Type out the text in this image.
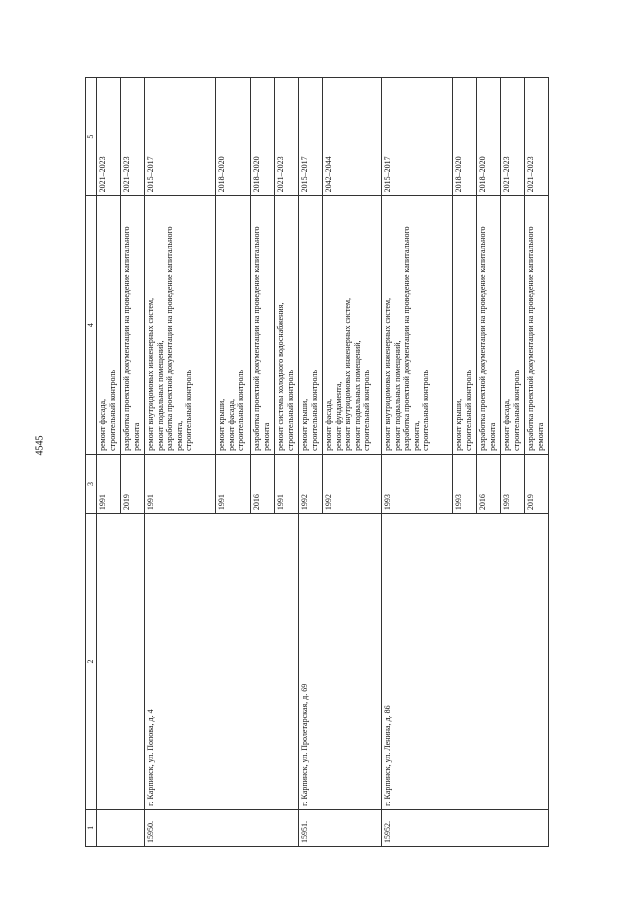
4545
1	2	3	4	5
		1991	ремонт фасада,
строительный контроль	2021–2023
		2019	разработка проектной документации на проведение капитального ремонта	2021–2023
15950.	г. Карпинск, ул. Попова, д. 4	1991	ремонт внутридомовых инженерных систем,
ремонт подвальных помещений,
разработка проектной документации на проведение капитального ремонта,
строительный контроль	2015–2017
		1991	ремонт крыши,
ремонт фасада,
строительный контроль	2018–2020
		2016	разработка проектной документации на проведение капитального ремонта	2018–2020
		1991	ремонт системы холодного водоснабжения,
строительный контроль	2021–2023
15951.	г. Карпинск, ул. Пролетарская, д. 69	1992	ремонт крыши,
строительный контроль	2015–2017
		1992	ремонт фасада,
ремонт фундамента,
ремонт внутридомовых инженерных систем,
ремонт подвальных помещений,
строительный контроль	2042–2044
15952.	г. Карпинск, ул. Ленина, д. 86	1993	ремонт внутридомовых инженерных систем,
ремонт подвальных помещений,
разработка проектной документации на проведение капитального ремонта,
строительный контроль	2015–2017
		1993	ремонт крыши,
строительный контроль	2018–2020
		2016	разработка проектной документации на проведение капитального ремонта	2018–2020
		1993	ремонт фасада,
строительный контроль	2021–2023
		2019	разработка проектной документации на проведение капитального ремонта	2021–2023
